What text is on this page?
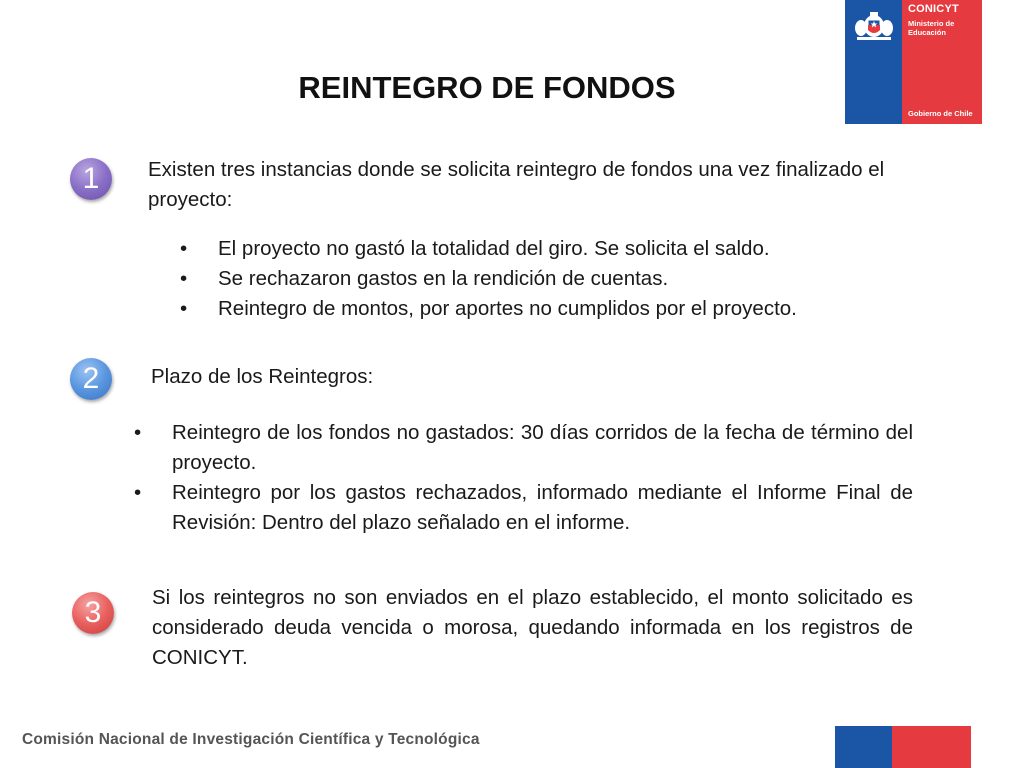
CONICYT
Ministerio de
Educación
Gobierno de Chile
REINTEGRO DE FONDOS
1	Existen tres instancias donde se solicita reintegro de fondos una vez finalizado el proyecto:
• El proyecto no gastó la totalidad del giro. Se solicita el saldo.
• Se rechazaron gastos en la rendición de cuentas.
• Reintegro de montos, por aportes no cumplidos por el proyecto.
2	Plazo de los Reintegros:
• Reintegro de los fondos no gastados: 30 días corridos de la fecha de término del proyecto.
• Reintegro por los gastos rechazados, informado mediante el Informe Final de Revisión: Dentro del plazo señalado en el informe.
3	Si los reintegros no son enviados en el plazo establecido, el monto solicitado es considerado deuda vencida o morosa, quedando informada en los registros de CONICYT.
Comisión Nacional de Investigación Científica y Tecnológica
